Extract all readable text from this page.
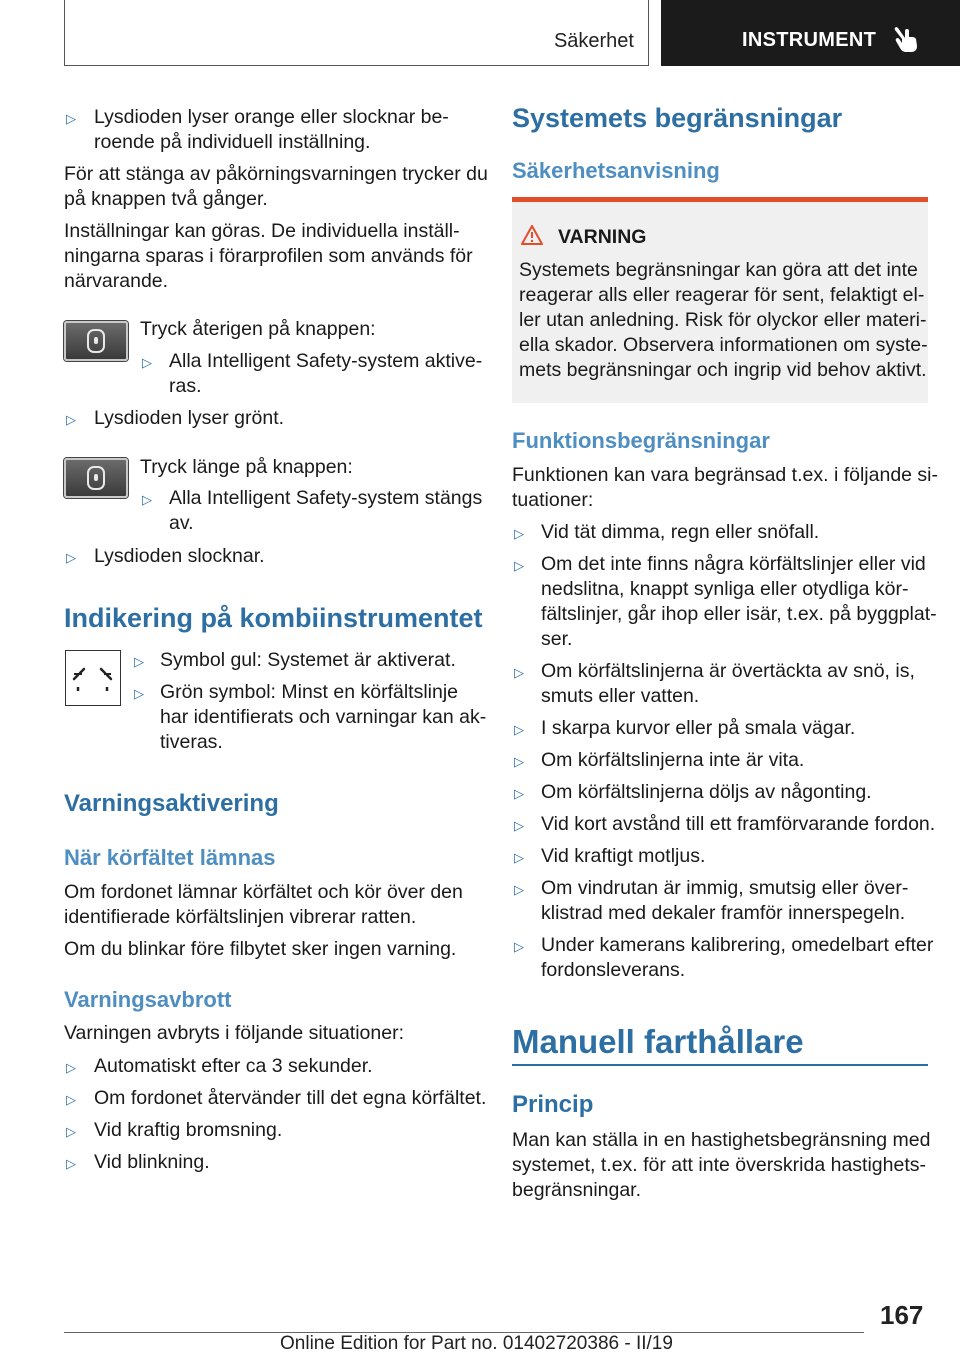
Säkerhet	INSTRUMENT
▷ Lysdioden lyser orange eller slocknar be-
roende på individuell inställning.
För att stänga av påkörningsvarningen trycker du
på knappen två gånger.
Inställningar kan göras. De individuella inställ-
ningarna sparas i förarprofilen som används för
närvarande.
Tryck återigen på knappen:
▷ Alla Intelligent Safety-system aktive-
ras.
▷ Lysdioden lyser grönt.
Tryck länge på knappen:
▷ Alla Intelligent Safety-system stängs
av.
▷ Lysdioden slocknar.
Indikering på kombiinstrumentet
▷ Symbol gul: Systemet är aktiverat.
▷ Grön symbol: Minst en körfältslinje
har identifierats och varningar kan ak-
tiveras.
Varningsaktivering
När körfältet lämnas
Om fordonet lämnar körfältet och kör över den
identifierade körfältslinjen vibrerar ratten.
Om du blinkar före filbytet sker ingen varning.
Varningsavbrott
Varningen avbryts i följande situationer:
▷ Automatiskt efter ca 3 sekunder.
▷ Om fordonet återvänder till det egna körfältet.
▷ Vid kraftig bromsning.
▷ Vid blinkning.
Systemets begränsningar
Säkerhetsanvisning
VARNING
Systemets begränsningar kan göra att det inte
reagerar alls eller reagerar för sent, felaktigt el-
ler utan anledning. Risk för olyckor eller materi-
ella skador. Observera informationen om syste-
mets begränsningar och ingrip vid behov aktivt.
Funktionsbegränsningar
Funktionen kan vara begränsad t.ex. i följande si-
tuationer:
▷ Vid tät dimma, regn eller snöfall.
▷ Om det inte finns några körfältslinjer eller vid
nedslitna, knappt synliga eller otydliga kör-
fältslinjer, går ihop eller isär, t.ex. på byggplat-
ser.
▷ Om körfältslinjerna är övertäckta av snö, is,
smuts eller vatten.
▷ I skarpa kurvor eller på smala vägar.
▷ Om körfältslinjerna inte är vita.
▷ Om körfältslinjerna döljs av någonting.
▷ Vid kort avstånd till ett framförvarande fordon.
▷ Vid kraftigt motljus.
▷ Om vindrutan är immig, smutsig eller över-
klistrad med dekaler framför innerspegeln.
▷ Under kamerans kalibrering, omedelbart efter
fordonsleverans.
Manuell farthållare
Princip
Man kan ställa in en hastighetsbegränsning med
systemet, t.ex. för att inte överskrida hastighets-
begränsningar.
167
Online Edition for Part no. 01402720386 - II/19
